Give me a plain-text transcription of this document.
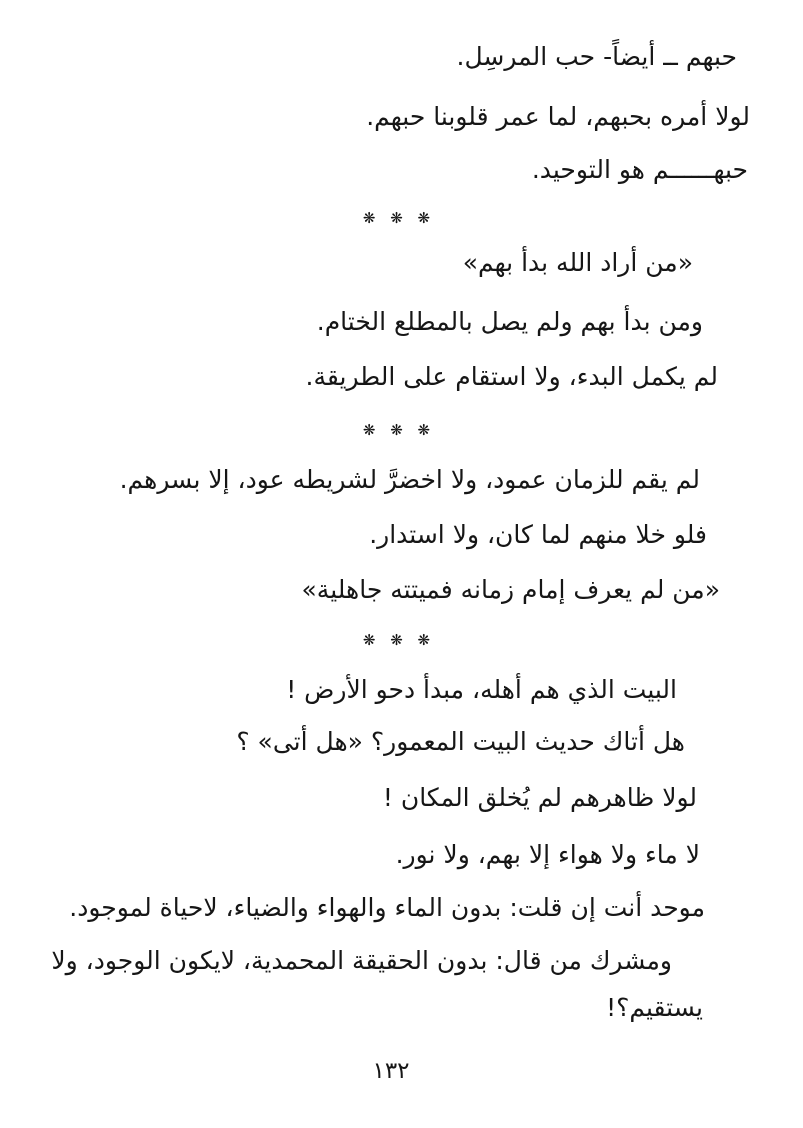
حبهم ــ أيضاً- حب المرسِل.
لولا أمره بحبهم، لما عمر قلوبنا حبهم.
حبهــــــم هو التوحيد.
❋ ❋ ❋
«من أراد الله بدأ بهم»
ومن بدأ بهم ولم يصل بالمطلع الختام.
لم يكمل البدء، ولا استقام على الطريقة.
❋ ❋ ❋
لم يقم للزمان عمود، ولا اخضرَّ لشريطه عود، إلا بسرهم.
فلو خلا منهم لما كان، ولا استدار.
«من لم يعرف إمام زمانه فميتته جاهلية»
❋ ❋ ❋
البيت الذي هم أهله، مبدأ دحو الأرض !
هل أتاك حديث البيت المعمور؟ «هل أتى» ؟
لولا ظاهرهم لم يُخلق المكان !
لا ماء ولا هواء إلا بهم، ولا نور.
موحد أنت إن قلت: بدون الماء والهواء والضياء، لاحياة لموجود.
ومشرك من قال: بدون الحقيقة المحمدية، لايكون الوجود، ولا
يستقيم؟!
١٣٢
